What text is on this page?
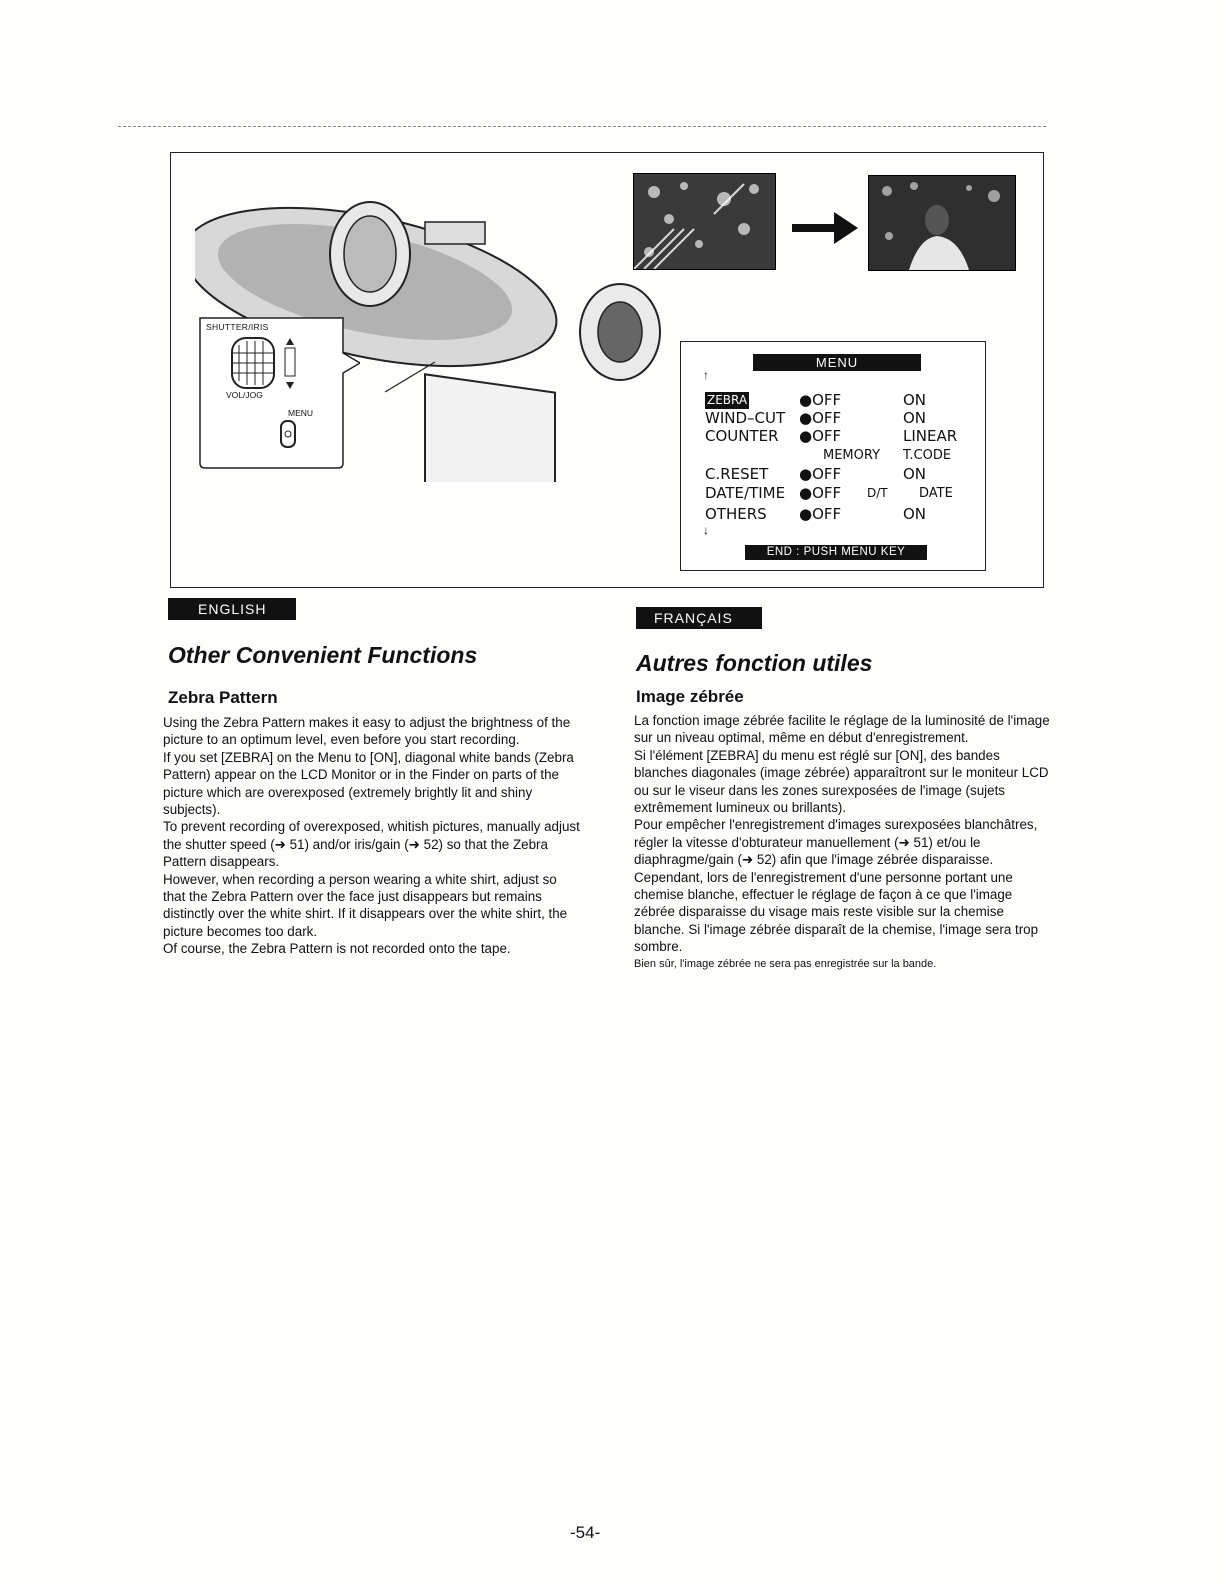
SHUTTER/IRIS
VOL/JOG
MENU
MENU
↑
ZEBRA	●OFF	ON
WIND–CUT ●OFF	ON
COUNTER ●OFF	LINEAR
MEMORY T.CODE
C.RESET ●OFF	ON
DATE/TIME ●OFF D/T DATE
OTHERS ●OFF	ON
↓
END : PUSH MENU KEY
ENGLISH
Other Convenient Functions
Zebra Pattern

Using the Zebra Pattern makes it easy to adjust the brightness of the picture to an optimum level, even before you start recording.

If you set [ZEBRA] on the Menu to [ON], diagonal white bands (Zebra Pattern) appear on the LCD Monitor or in the Finder on parts of the picture which are overexposed (extremely brightly lit and shiny subjects).

To prevent recording of overexposed, whitish pictures, manually adjust the shutter speed (➜ 51) and/or iris/gain (➜ 52) so that the Zebra Pattern disappears.

However, when recording a person wearing a white shirt, adjust so that the Zebra Pattern over the face just disappears but remains distinctly over the white shirt. If it disappears over the white shirt, the picture becomes too dark.

Of course, the Zebra Pattern is not recorded onto the tape.

FRANÇAIS
Autres fonction utiles
Image zébrée

La fonction image zébrée facilite le réglage de la luminosité de l'image sur un niveau optimal, même en début d'enregistrement.

Si l'élément [ZEBRA] du menu est réglé sur [ON], des bandes blanches diagonales (image zébrée) apparaîtront sur le moniteur LCD ou sur le viseur dans les zones surexposées de l'image (sujets extrêmement lumineux ou brillants).

Pour empêcher l'enregistrement d'images surexposées blanchâtres, régler la vitesse d'obturateur manuellement (➜ 51) et/ou le diaphragme/gain (➜ 52) afin que l'image zébrée disparaisse.

Cependant, lors de l'enregistrement d'une personne portant une chemise blanche, effectuer le réglage de façon à ce que l'image zébrée disparaisse du visage mais reste visible sur la chemise blanche. Si l'image zébrée disparaît de la chemise, l'image sera trop sombre.

Bien sûr, l'image zébrée ne sera pas enregistrée sur la bande.

-54-
